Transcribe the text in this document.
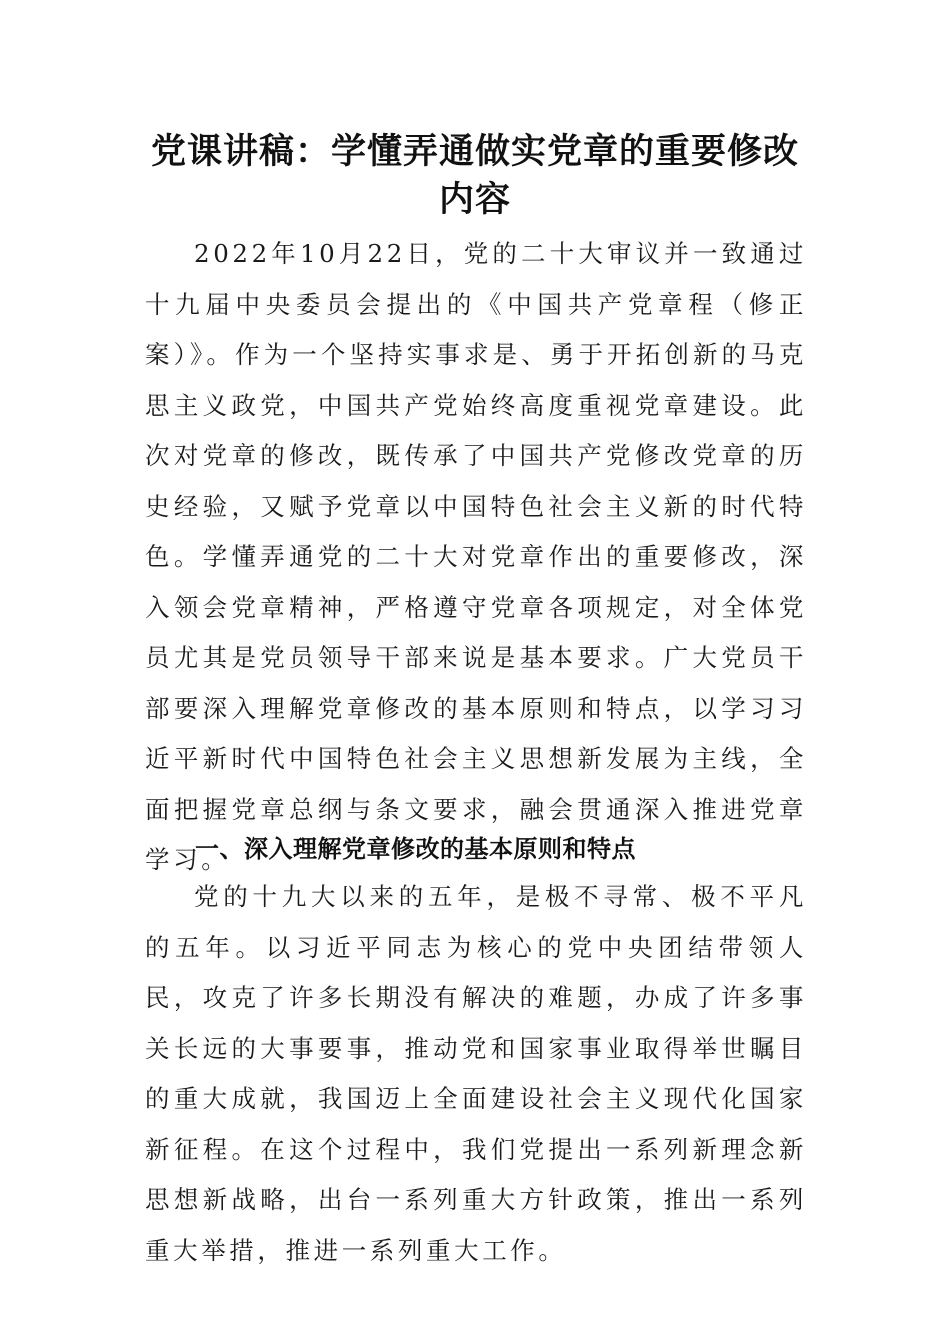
党课讲稿：学懂弄通做实党章的重要修改内容

2022年10月22日，党的二十大审议并一致通过十九届中央委员会提出的《中国共产党章程（修正案）》。作为一个坚持实事求是、勇于开拓创新的马克思主义政党，中国共产党始终高度重视党章建设。此次对党章的修改，既传承了中国共产党修改党章的历史经验，又赋予党章以中国特色社会主义新的时代特色。学懂弄通党的二十大对党章作出的重要修改，深入领会党章精神，严格遵守党章各项规定，对全体党员尤其是党员领导干部来说是基本要求。广大党员干部要深入理解党章修改的基本原则和特点，以学习习近平新时代中国特色社会主义思想新发展为主线，全面把握党章总纲与条文要求，融会贯通深入推进党章学习。

一、深入理解党章修改的基本原则和特点

党的十九大以来的五年，是极不寻常、极不平凡的五年。以习近平同志为核心的党中央团结带领人民，攻克了许多长期没有解决的难题，办成了许多事关长远的大事要事，推动党和国家事业取得举世瞩目的重大成就，我国迈上全面建设社会主义现代化国家新征程。在这个过程中，我们党提出一系列新理念新思想新战略，出台一系列重大方针政策，推出一系列重大举措，推进一系列重大工作。
